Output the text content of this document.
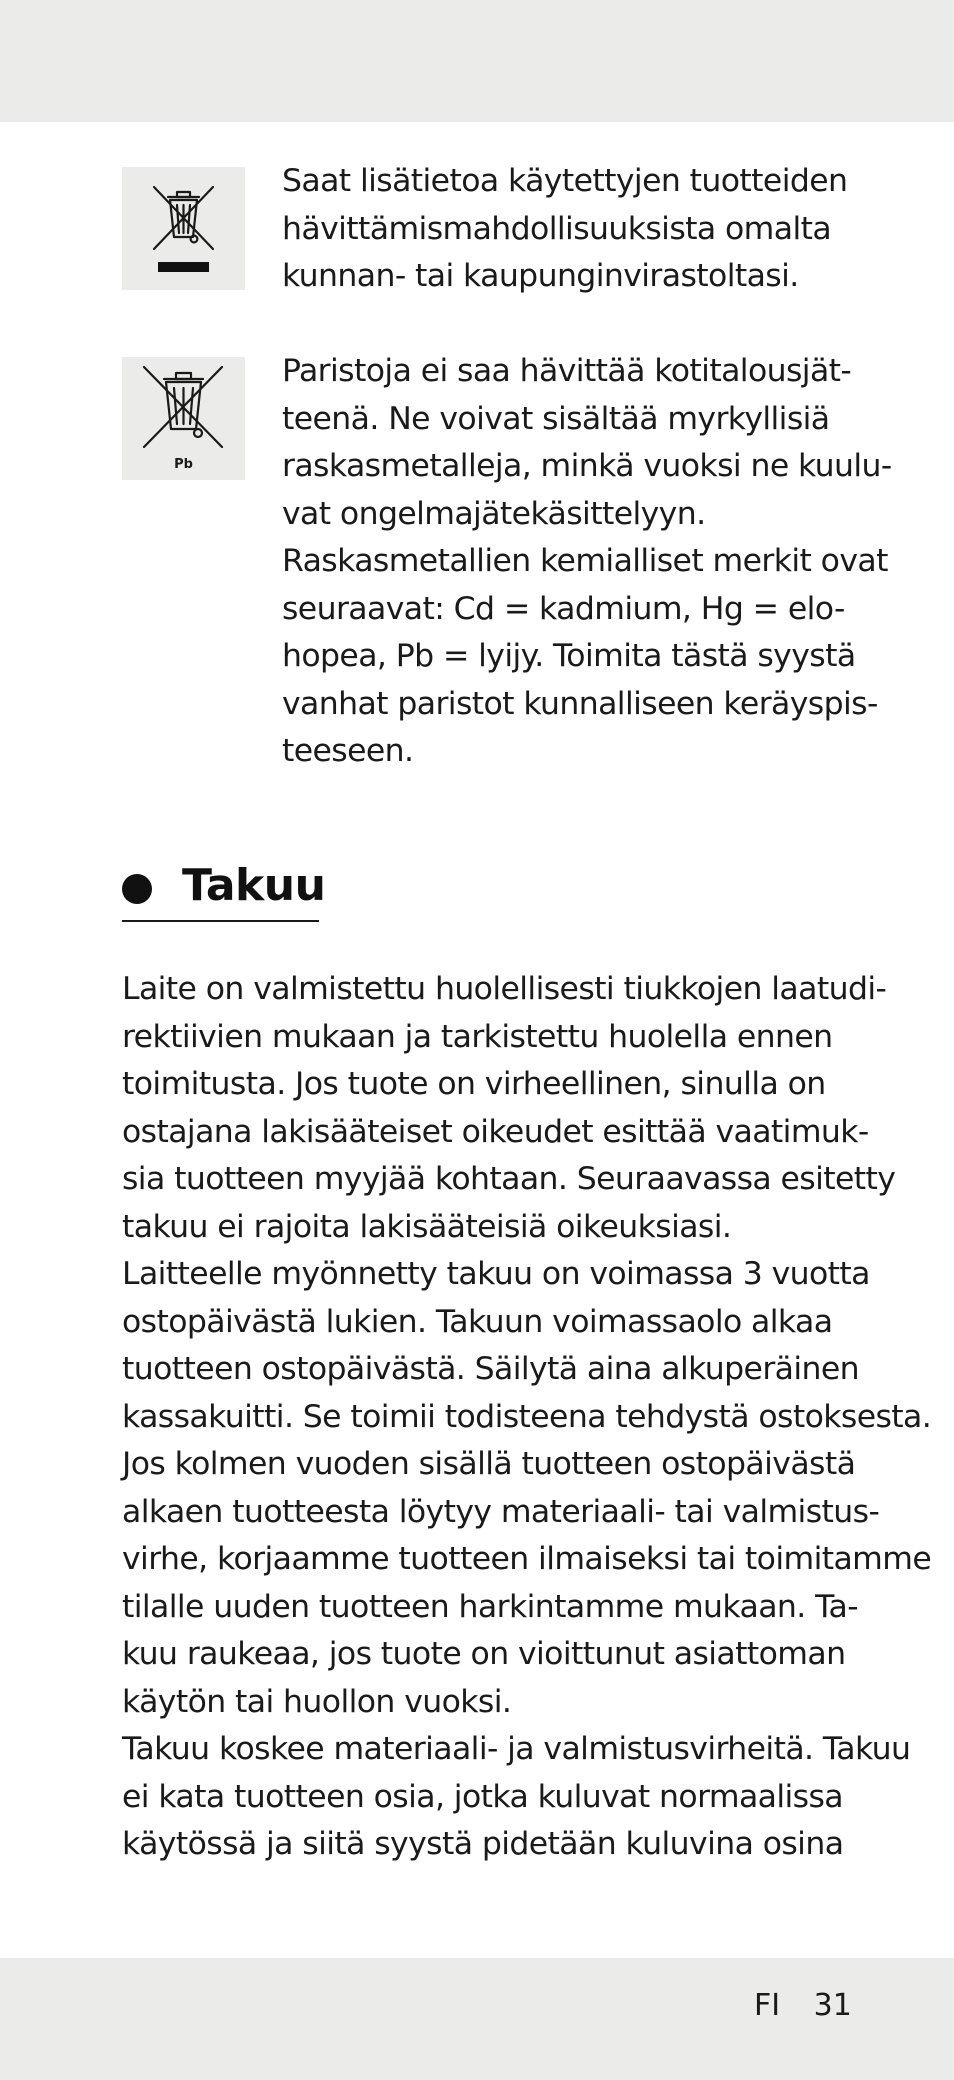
Saat lisätietoa käytettyjen tuotteiden
hävittämismahdollisuuksista omalta
kunnan- tai kaupunginvirastoltasi.
Pb
Paristoja ei saa hävittää kotitalousjät-
teenä. Ne voivat sisältää myrkyllisiä
raskasmetalleja, minkä vuoksi ne kuulu-
vat ongelmajätekäsittelyyn.
Raskasmetallien kemialliset merkit ovat
seuraavat: Cd = kadmium, Hg = elo-
hopea, Pb = lyijy. Toimita tästä syystä
vanhat paristot kunnalliseen keräyspis-
teeseen.
Takuu
Laite on valmistettu huolellisesti tiukkojen laatudi-
rektiivien mukaan ja tarkistettu huolella ennen
toimitusta. Jos tuote on virheellinen, sinulla on
ostajana lakisääteiset oikeudet esittää vaatimuk-
sia tuotteen myyjää kohtaan. Seuraavassa esitetty
takuu ei rajoita lakisääteisiä oikeuksiasi.
Laitteelle myönnetty takuu on voimassa 3 vuotta
ostopäivästä lukien. Takuun voimassaolo alkaa
tuotteen ostopäivästä. Säilytä aina alkuperäinen
kassakuitti. Se toimii todisteena tehdystä ostoksesta.
Jos kolmen vuoden sisällä tuotteen ostopäivästä
alkaen tuotteesta löytyy materiaali- tai valmistus-
virhe, korjaamme tuotteen ilmaiseksi tai toimitamme
tilalle uuden tuotteen harkintamme mukaan. Ta-
kuu raukeaa, jos tuote on vioittunut asiattoman
käytön tai huollon vuoksi.
Takuu koskee materiaali- ja valmistusvirheitä. Takuu
ei kata tuotteen osia, jotka kuluvat normaalissa
käytössä ja siitä syystä pidetään kuluvina osina
FI 31
